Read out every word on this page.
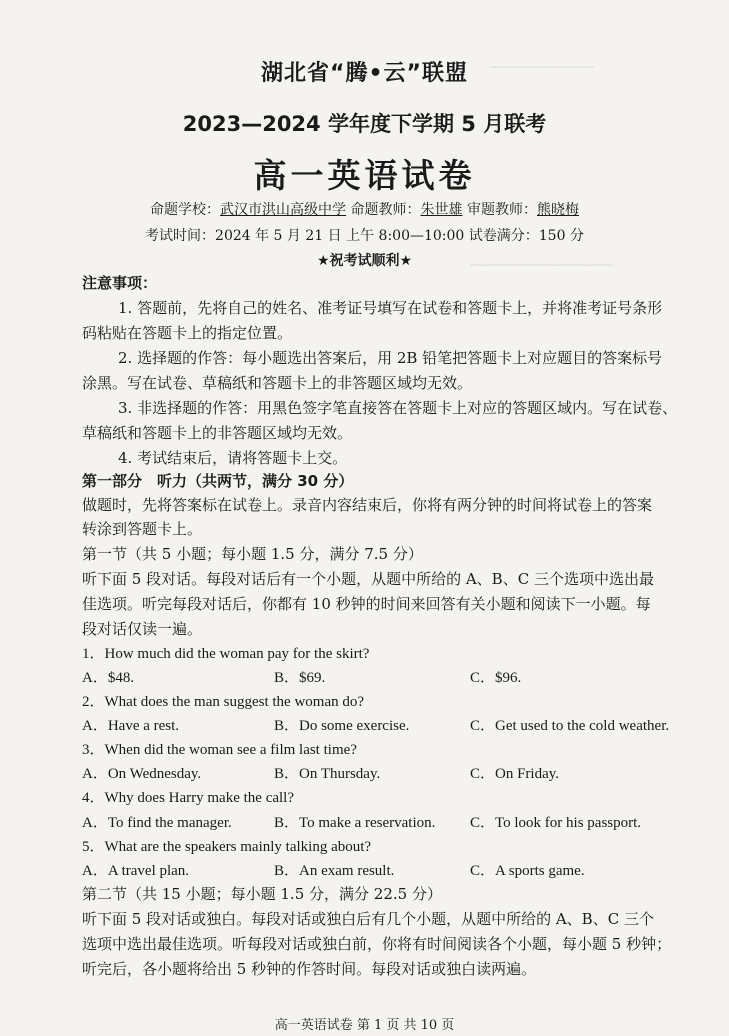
~~~~~~~~~~~~~~~~
~~~~~~~~~~~~~~~~~~~~~~
湖北省“腾•云”联盟
2023—2024 学年度下学期 5 月联考
高一英语试卷
命题学校：武汉市洪山高级中学 命题教师：朱世雄 审题教师：熊晓梅
考试时间：2024 年 5 月 21 日 上午 8:00—10:00 试卷满分：150 分
★祝考试顺利★
注意事项：
1. 答题前，先将自己的姓名、准考证号填写在试卷和答题卡上，并将准考证号条形
码粘贴在答题卡上的指定位置。
2. 选择题的作答：每小题选出答案后，用 2B 铅笔把答题卡上对应题目的答案标号
涂黑。写在试卷、草稿纸和答题卡上的非答题区域均无效。
3. 非选择题的作答：用黑色签字笔直接答在答题卡上对应的答题区域内。写在试卷、
草稿纸和答题卡上的非答题区域均无效。
4. 考试结束后，请将答题卡上交。
第一部分　听力（共两节，满分 30 分）
做题时，先将答案标在试卷上。录音内容结束后，你将有两分钟的时间将试卷上的答案
转涂到答题卡上。
第一节（共 5 小题；每小题 1.5 分，满分 7.5 分）
听下面 5 段对话。每段对话后有一个小题，从题中所给的 A、B、C 三个选项中选出最
佳选项。听完每段对话后，你都有 10 秒钟的时间来回答有关小题和阅读下一小题。每
段对话仅读一遍。
1．How much did the woman pay for the skirt?
A．$48.	B．$69.	C．$96.
2．What does the man suggest the woman do?
A．Have a rest.	B．Do some exercise.	C．Get used to the cold weather.
3．When did the woman see a film last time?
A．On Wednesday.	B．On Thursday.	C．On Friday.
4．Why does Harry make the call?
A．To find the manager.	B．To make a reservation. C．To look for his passport.
5．What are the speakers mainly talking about?
A．A travel plan.	B．An exam result.	C．A sports game.
第二节（共 15 小题；每小题 1.5 分，满分 22.5 分）
听下面 5 段对话或独白。每段对话或独白后有几个小题，从题中所给的 A、B、C 三个
选项中选出最佳选项。听每段对话或独白前，你将有时间阅读各个小题，每小题 5 秒钟；
听完后，各小题将给出 5 秒钟的作答时间。每段对话或独白读两遍。
高一英语试卷 第 1 页 共 10 页
